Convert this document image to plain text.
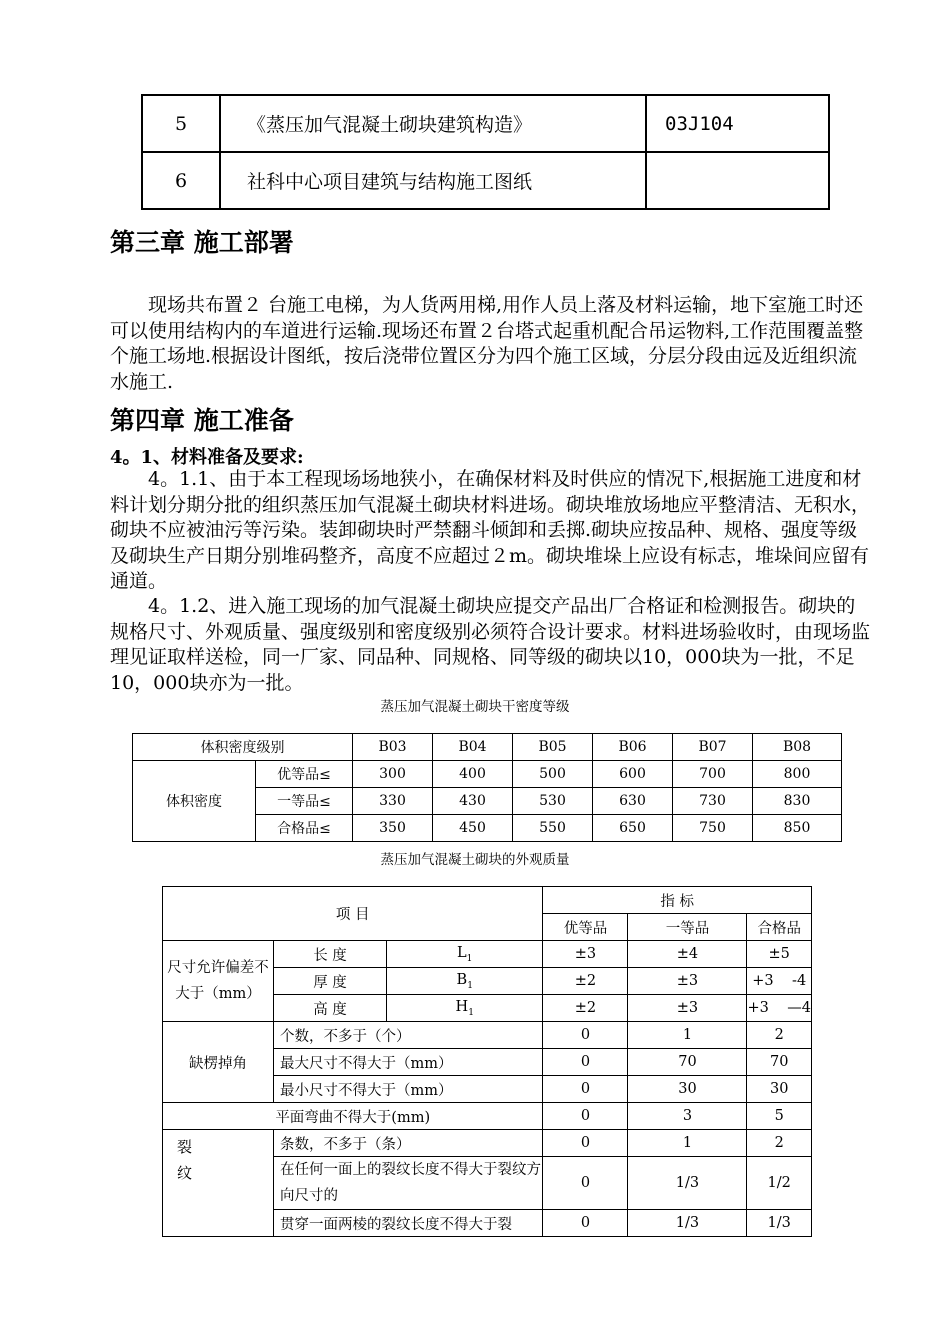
5	《蒸压加气混凝土砌块建筑构造》	03J104
6	社科中心项目建筑与结构施工图纸	
第三章 施工部署
现场共布置２ 台施工电梯，为人货两用梯,用作人员上落及材料运输，地下室施工时还可以使用结构内的车道进行运输.现场还布置２台塔式起重机配合吊运物料,工作范围覆盖整个施工场地.根据设计图纸，按后浇带位置区分为四个施工区域，分层分段由远及近组织流水施工.
第四章 施工准备
4。1、材料准备及要求:
4。1.1、由于本工程现场场地狭小，在确保材料及时供应的情况下,根据施工进度和材料计划分期分批的组织蒸压加气混凝土砌块材料进场。砌块堆放场地应平整清洁、无积水，砌块不应被油污等污染。装卸砌块时严禁翻斗倾卸和丢掷.砌块应按品种、规格、强度等级及砌块生产日期分别堆码整齐，高度不应超过２m。砌块堆垛上应设有标志，堆垛间应留有通道。
4。1.2、进入施工现场的加气混凝土砌块应提交产品出厂合格证和检测报告。砌块的规格尺寸、外观质量、强度级别和密度级别必须符合设计要求。材料进场验收时，由现场监理见证取样送检，同一厂家、同品种、同规格、同等级的砌块以10，000块为一批，不足10，000块亦为一批。
蒸压加气混凝土砌块干密度等级
体积密度级别		B03	B04	B05	B06	B07	B08
体积密度	优等品≤	300	400	500	600	700	800
	一等品≤	330	430	530	630	730	830
	合格品≤	350	450	550	650	750	850
蒸压加气混凝土砌块的外观质量
项 目			指 标		
			优等品	一等品	合格品
尺寸允许偏差不大于（mm）	长 度	$L_1$	±3	±4	±5
	厚 度	$B_1$	±2	±3	+3    -4
	高 度	$H_1$	±2	±3	+3    —4
缺楞掉角	个数，不多于（个）		0	1	2
	最大尺寸不得大于（mm）		0	70	70
	最小尺寸不得大于（mm）		0	30	30
平面弯曲不得大于(mm)			0	3	5

裂　纹	条数，不多于（条）		0	1	2
	在任何一面上的裂纹长度不得大于裂纹方向尺寸的		0	1/3	1/2
	贯穿一面两棱的裂纹长度不得大于裂		0	1/3	1/3
